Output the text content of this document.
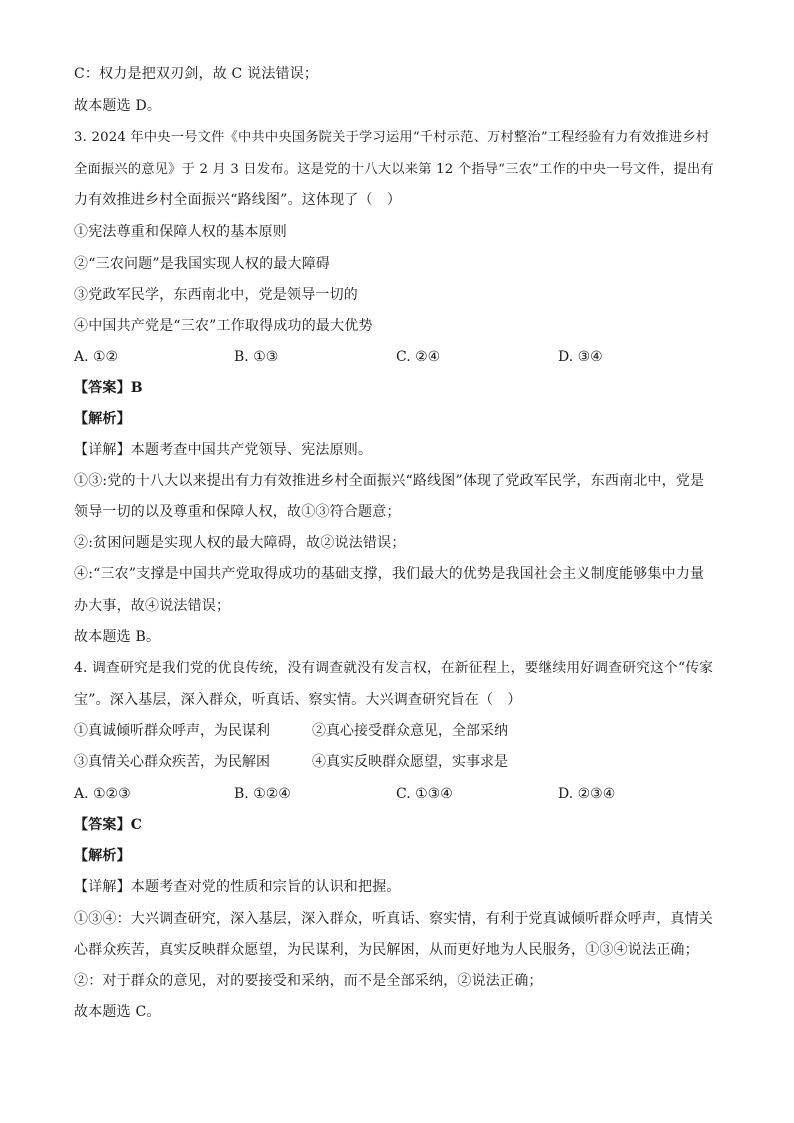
C：权力是把双刃剑，故 C 说法错误；
故本题选 D。
3. 2024 年中央一号文件《中共中央国务院关于学习运用“千村示范、万村整治”工程经验有力有效推进乡村
全面振兴的意见》于 2 月 3 日发布。这是党的十八大以来第 12 个指导“三农”工作的中央一号文件，提出有
力有效推进乡村全面振兴“路线图”。这体现了（　）
①宪法尊重和保障人权的基本原则
②“三农问题”是我国实现人权的最大障碍
③党政军民学，东西南北中，党是领导一切的
④中国共产党是“三农”工作取得成功的最大优势
A. ①②	B. ①③	C. ②④	D. ③④
【答案】B
【解析】
【详解】本题考查中国共产党领导、宪法原则。
①③:党的十八大以来提出有力有效推进乡村全面振兴“路线图”体现了党政军民学，东西南北中，党是
领导一切的以及尊重和保障人权，故①③符合题意；
②:贫困问题是实现人权的最大障碍，故②说法错误；
④:“三农”支撑是中国共产党取得成功的基础支撑，我们最大的优势是我国社会主义制度能够集中力量
办大事，故④说法错误；
故本题选 B。
4. 调查研究是我们党的优良传统，没有调查就没有发言权，在新征程上，要继续用好调查研究这个“传家
宝”。深入基层，深入群众，听真话、察实情。大兴调查研究旨在（　）
①真诚倾听群众呼声，为民谋利	②真心接受群众意见，全部采纳
③真情关心群众疾苦，为民解困	④真实反映群众愿望，实事求是
A. ①②③	B. ①②④	C. ①③④	D. ②③④
【答案】C
【解析】
【详解】本题考查对党的性质和宗旨的认识和把握。
①③④：大兴调查研究，深入基层，深入群众，听真话、察实情，有利于党真诚倾听群众呼声，真情关
心群众疾苦，真实反映群众愿望，为民谋利，为民解困，从而更好地为人民服务，①③④说法正确；
②：对于群众的意见，对的要接受和采纳，而不是全部采纳，②说法正确；
故本题选 C。
